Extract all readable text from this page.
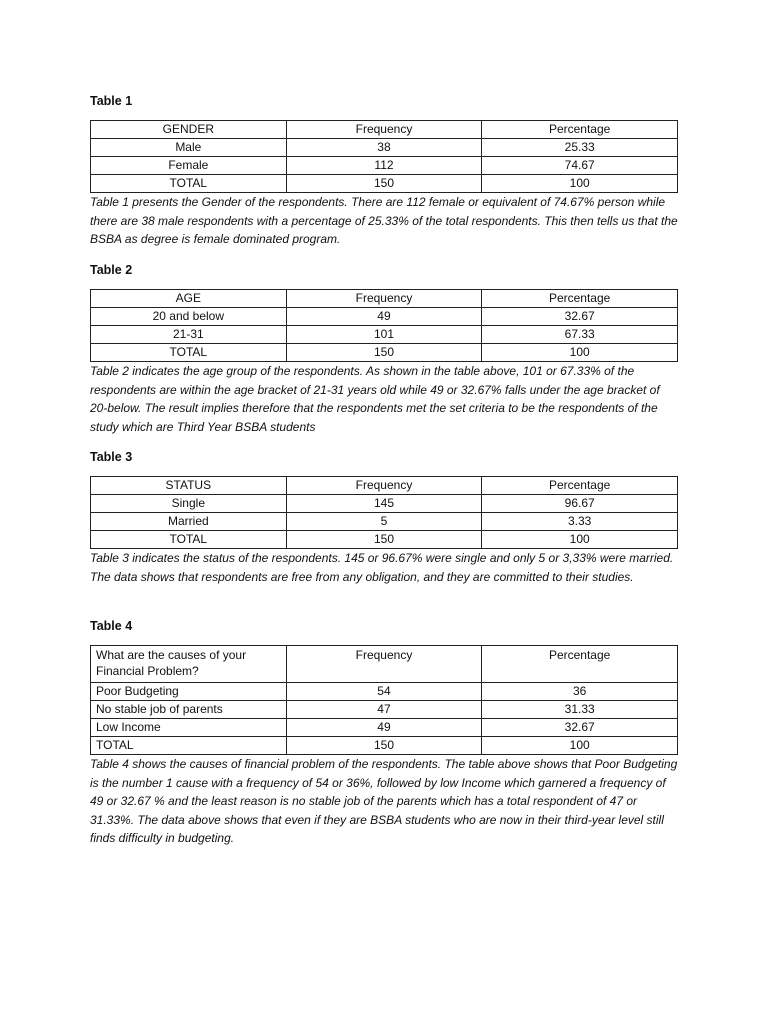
Table 1

GENDER	Frequency	Percentage
Male	38	25.33
Female	112	74.67
TOTAL	150	100

Table 1 presents the Gender of the respondents. There are 112 female or equivalent of 74.67% person while there are 38 male respondents with a percentage of 25.33% of the total respondents. This then tells us that the BSBA as degree is female dominated program.

Table 2

AGE	Frequency	Percentage
20 and below	49	32.67
21-31	101	67.33
TOTAL	150	100

Table 2 indicates the age group of the respondents. As shown in the table above, 101 or 67.33% of the respondents are within the age bracket of 21-31 years old while 49 or 32.67% falls under the age bracket of 20-below. The result implies therefore that the respondents met the set criteria to be the respondents of the study which are Third Year BSBA students

Table 3

STATUS	Frequency	Percentage
Single	145	96.67
Married	5	3.33
TOTAL	150	100

Table 3 indicates the status of the respondents. 145 or 96.67% were single and only 5 or 3,33% were married. The data shows that respondents are free from any obligation, and they are committed to their studies.

Table 4

What are the causes of your Financial Problem?	Frequency	Percentage
Poor Budgeting	54	36
No stable job of parents	47	31.33
Low Income	49	32.67
TOTAL	150	100

Table 4 shows the causes of financial problem of the respondents. The table above shows that Poor Budgeting is the number 1 cause with a frequency of 54 or 36%, followed by low Income which garnered a frequency of 49 or 32.67 % and the least reason is no stable job of the parents which has a total respondent of 47 or 31.33%. The data above shows that even if they are BSBA students who are now in their third-year level still finds difficulty in budgeting.
